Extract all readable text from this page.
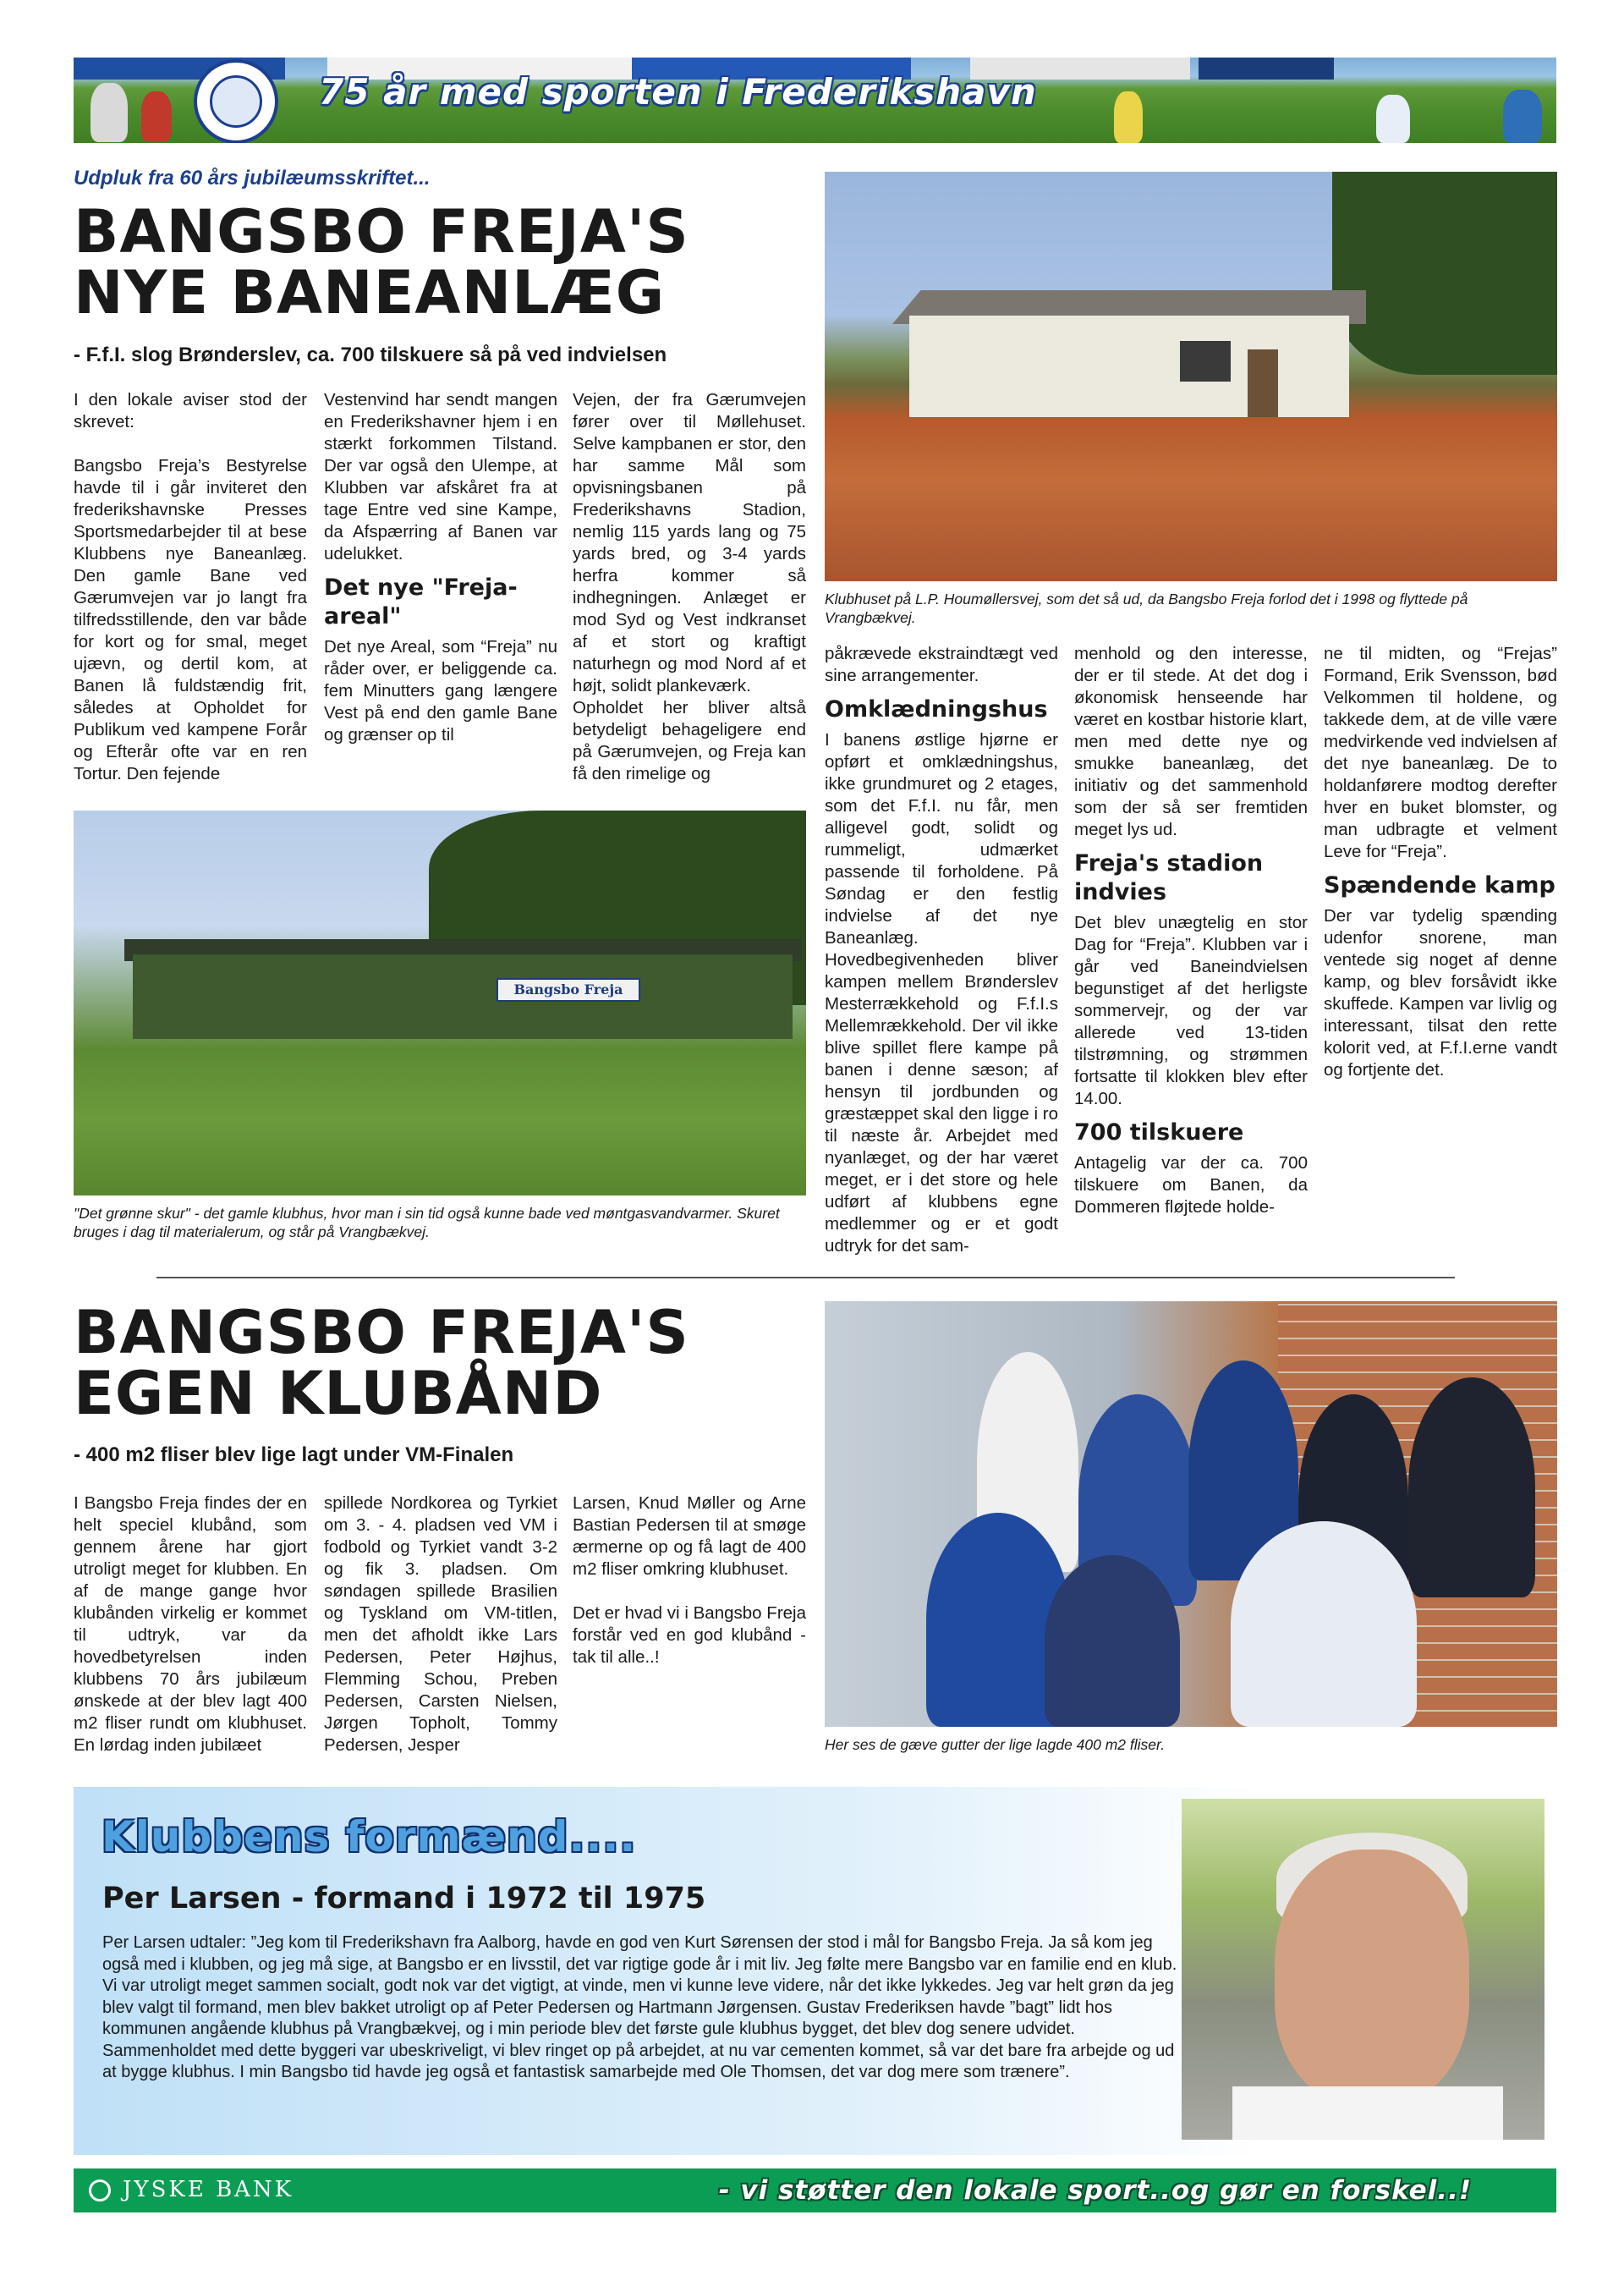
75 år med sporten i Frederikshavn
Udpluk fra 60 års jubilæumsskriftet...
BANGSBO FREJA'S
NYE BANEANLÆG
- F.f.I. slog Brønderslev, ca. 700 tilskuere så på ved indvielsen

I den lokale aviser stod der skrevet:

Bangsbo Freja’s Bestyrelse havde til i går inviteret den frederikshavnske Presses Sportsmedarbejder til at bese Klubbens nye Baneanlæg. Den gamle Bane ved Gærumvejen var jo langt fra tilfredsstillende, den var både for kort og for smal, meget ujævn, og dertil kom, at Banen lå fuldstændig frit, således at Opholdet for Publikum ved kampene Forår og Efterår ofte var en ren Tortur. Den fejende

Vestenvind har sendt mangen en Frederikshavner hjem i en stærkt forkommen Tilstand. Der var også den Ulempe, at Klubben var afskåret fra at tage Entre ved sine Kampe, da Afspærring af Banen var udelukket.

Det nye "Freja-areal"

Det nye Areal, som “Freja” nu råder over, er beliggende ca. fem Minutters gang længere Vest på end den gamle Bane og grænser op til

Vejen, der fra Gærumvejen fører over til Møllehuset. Selve kampbanen er stor, den har samme Mål som opvisningsbanen på Frederikshavns Stadion, nemlig 115 yards lang og 75 yards bred, og 3-4 yards herfra kommer så indhegningen. Anlæget er mod Syd og Vest indkranset af et stort og kraftigt naturhegn og mod Nord af et højt, solidt plankeværk.

Opholdet her bliver altså betydeligt behageligere end på Gærumvejen, og Freja kan få den rimelige og

Klubhuset på L.P. Houmøllersvej, som det så ud, da Bangsbo Freja forlod det i 1998 og flyttede på Vrangbækvej.

påkrævede ekstraindtægt ved sine arrangementer.

Omklædningshus

I banens østlige hjørne er opført et omklædningshus, ikke grundmuret og 2 etages, som det F.f.I. nu får, men alligevel godt, solidt og rummeligt, udmærket passende til forholdene. På Søndag er den festlig indvielse af det nye Baneanlæg. Hovedbegivenheden bliver kampen mellem Brønderslev Mesterrækkehold og F.f.I.s Mellemrækkehold. Der vil ikke blive spillet flere kampe på banen i denne sæson; af hensyn til jordbunden og græstæppet skal den ligge i ro til næste år. Arbejdet med nyanlæget, og der har været meget, er i det store og hele udført af klubbens egne medlemmer og er et godt udtryk for det sam-

menhold og den interesse, der er til stede. At det dog i økonomisk henseende har været en kostbar historie klart, men med dette nye og smukke baneanlæg, det initiativ og det sammenhold som der så ser fremtiden meget lys ud.

Freja's stadion indvies

Det blev unægtelig en stor Dag for “Freja”. Klubben var i går ved Baneindvielsen begunstiget af det herligste sommervejr, og der var allerede ved 13-tiden tilstrømning, og strømmen fortsatte til klokken blev efter 14.00.

700 tilskuere

Antagelig var der ca. 700 tilskuere om Banen, da Dommeren fløjtede holde-

ne til midten, og “Frejas” Formand, Erik Svensson, bød Velkommen til holdene, og takkede dem, at de ville være medvirkende ved indvielsen af det nye baneanlæg. De to holdanførere modtog derefter hver en buket blomster, og man udbragte et velment Leve for “Freja”.

Spændende kamp

Der var tydelig spænding udenfor snorene, man ventede sig noget af denne kamp, og blev forsåvidt ikke skuffede. Kampen var livlig og interessant, tilsat den rette kolorit ved, at F.f.I.erne vandt og fortjente det.

Bangsbo Freja
"Det grønne skur" - det gamle klubhus, hvor man i sin tid også kunne bade ved møntgasvandvarmer. Skuret bruges i dag til materialerum, og står på Vrangbækvej.
BANGSBO FREJA'S
EGEN KLUBÅND
- 400 m2 fliser blev lige lagt under VM-Finalen

I Bangsbo Freja findes der en helt speciel klubånd, som gennem årene har gjort utroligt meget for klubben. En af de mange gange hvor klubånden virkelig er kommet til udtryk, var da hovedbetyrelsen inden klubbens 70 års jubilæum ønskede at der blev lagt 400 m2 fliser rundt om klubhuset. En lørdag inden jubilæet

spillede Nordkorea og Tyrkiet om 3. - 4. pladsen ved VM i fodbold og Tyrkiet vandt 3-2 og fik 3. pladsen. Om søndagen spillede Brasilien og Tyskland om VM-titlen, men det afholdt ikke Lars Pedersen, Peter Højhus, Flemming Schou, Preben Pedersen, Carsten Nielsen, Jørgen Topholt, Tommy Pedersen, Jesper

Larsen, Knud Møller og Arne Bastian Pedersen til at smøge ærmerne op og få lagt de 400 m2 fliser omkring klubhuset.

Det er hvad vi i Bangsbo Freja forstår ved en god klubånd - tak til alle..!

Her ses de gæve gutter der lige lagde 400 m2 fliser.
Klubbens formænd....
Per Larsen - formand i 1972 til 1975
Per Larsen udtaler: ”Jeg kom til Frederikshavn fra Aalborg, havde en god ven Kurt Sørensen der stod i mål for Bangsbo Freja. Ja så kom jeg også med i klubben, og jeg må sige, at Bangsbo er en livsstil, det var rigtige gode år i mit liv. Jeg følte mere Bangsbo var en familie end en klub. Vi var utroligt meget sammen socialt, godt nok var det vigtigt, at vinde, men vi kunne leve videre, når det ikke lykkedes. Jeg var helt grøn da jeg blev valgt til formand, men blev bakket utroligt op af Peter Pedersen og Hartmann Jørgensen. Gustav Frederiksen havde ”bagt” lidt hos kommunen angående klubhus på Vrangbækvej, og i min periode blev det første gule klubhus bygget, det blev dog senere udvidet. Sammenholdet med dette byggeri var ubeskriveligt, vi blev ringet op på arbejdet, at nu var cementen kommet, så var det bare fra arbejde og ud at bygge klubhus. I min Bangsbo tid havde jeg også et fantastisk samarbejde med Ole Thomsen, det var dog mere som trænere”.
JYSKE BANK	- vi støtter den lokale sport..og gør en forskel..!
